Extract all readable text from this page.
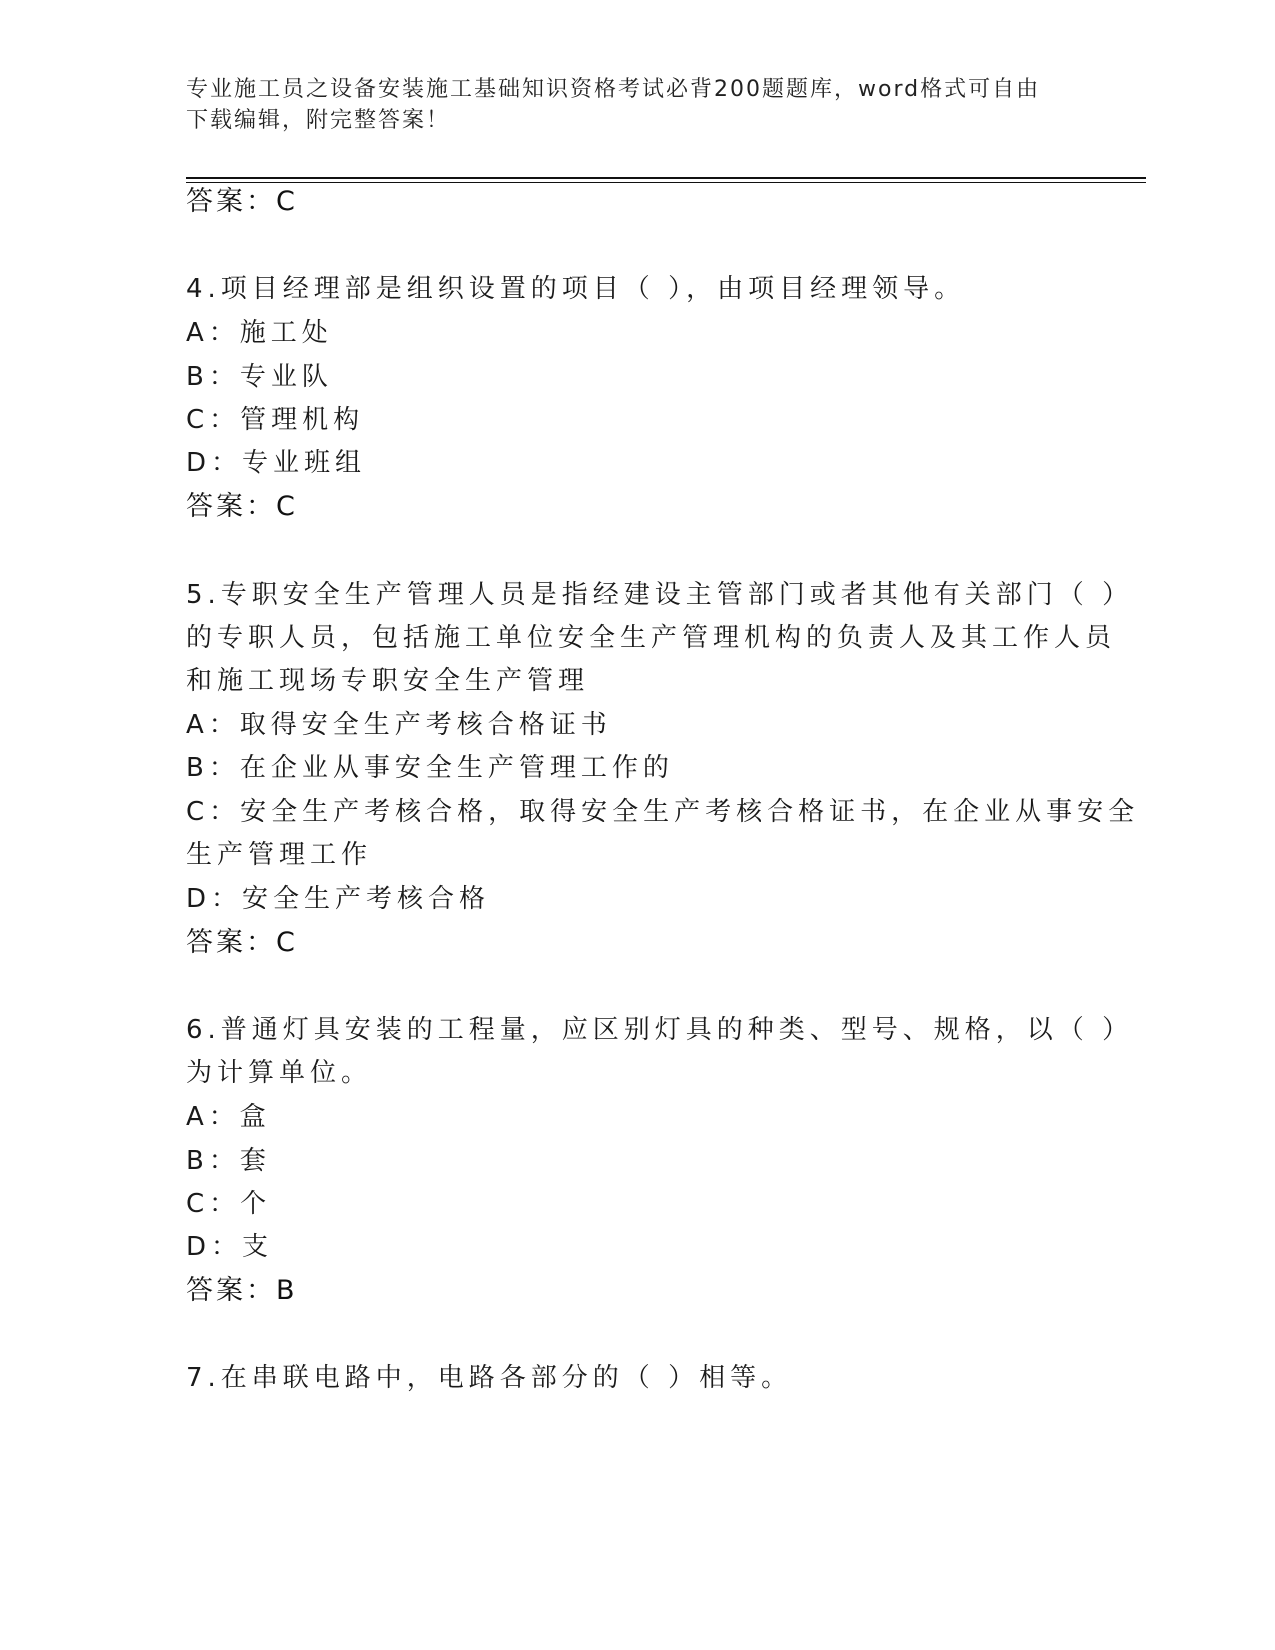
专业施工员之设备安装施工基础知识资格考试必背200题题库，word格式可自由
下载编辑，附完整答案！
答案：C
4.项目经理部是组织设置的项目（ ），由项目经理领导。
A：施工处
B：专业队
C：管理机构
D：专业班组
答案：C
5.专职安全生产管理人员是指经建设主管部门或者其他有关部门（ ）
的专职人员，包括施工单位安全生产管理机构的负责人及其工作人员
和施工现场专职安全生产管理
A：取得安全生产考核合格证书
B：在企业从事安全生产管理工作的
C：安全生产考核合格，取得安全生产考核合格证书，在企业从事安全
生产管理工作
D：安全生产考核合格
答案：C
6.普通灯具安装的工程量，应区别灯具的种类、型号、规格，以（ ）
为计算单位。
A：盒
B：套
C：个
D：支
答案：B
7.在串联电路中，电路各部分的（ ）相等。
